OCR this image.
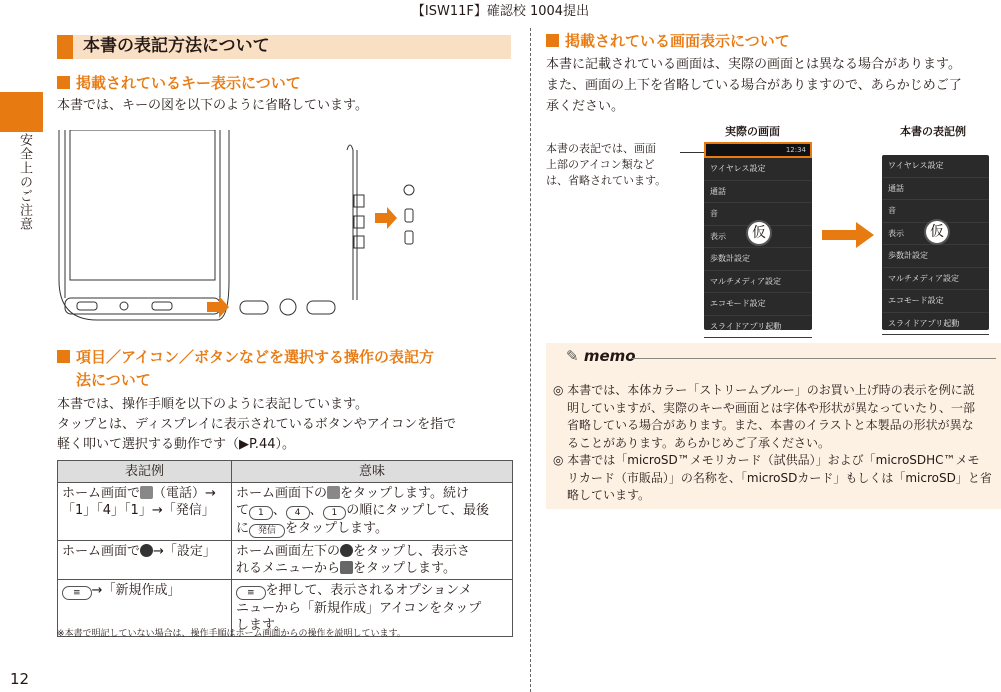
【ISW11F】確認校 1004提出
安全上のご注意
12
本書の表記方法について
掲載されているキー表示について
本書では、キーの図を以下のように省略しています。
項目／アイコン／ボタンなどを選択する操作の表記方
法について
本書では、操作手順を以下のように表記しています。
タップとは、ディスプレイに表示されているボタンやアイコンを指で
軽く叩いて選択する動作です（▶P.44）。
表記例	意味
ホーム画面で （電話）→
「1」「4」「1」→「発信」	ホーム画面下の をタップします。続け
て 1 、 4 、 1 の順にタップして、最後
に 発信 をタップします。
ホーム画面で →「設定」	ホーム画面左下の をタップし、表示さ
れるメニューから をタップします。
≡ →「新規作成」	≡ を押して、表示されるオプションメ
ニューから「新規作成」アイコンをタップ
します。
※本書で明記していない場合は、操作手順はホーム画面からの操作を説明しています。
掲載されている画面表示について
本書に記載されている画面は、実際の画面とは異なる場合があります。
また、画面の上下を省略している場合がありますので、あらかじめご了
承ください。
実際の画面	本書の表記例
本書の表記では、画面
上部のアイコン類など
は、省略されています。
12:34
ワイヤレス設定
通話
音
表示
歩数計設定
マルチメディア設定
エコモード設定
スライドアプリ起動
仮
ワイヤレス設定
通話
音
表示
歩数計設定
マルチメディア設定
エコモード設定
スライドアプリ起動
仮
✎ memo
◎ 本書では、本体カラー「ストリームブルー」のお買い上げ時の表示を例に説
明していますが、実際のキーや画面とは字体や形状が異なっていたり、一部
省略している場合があります。また、本書のイラストと本製品の形状が異な
ることがあります。あらかじめご了承ください。
◎ 本書では「microSD™メモリカード（試供品）」および「microSDHC™メモ
リカード（市販品）」の名称を、「microSDカード」もしくは「microSD」と省
略しています。
